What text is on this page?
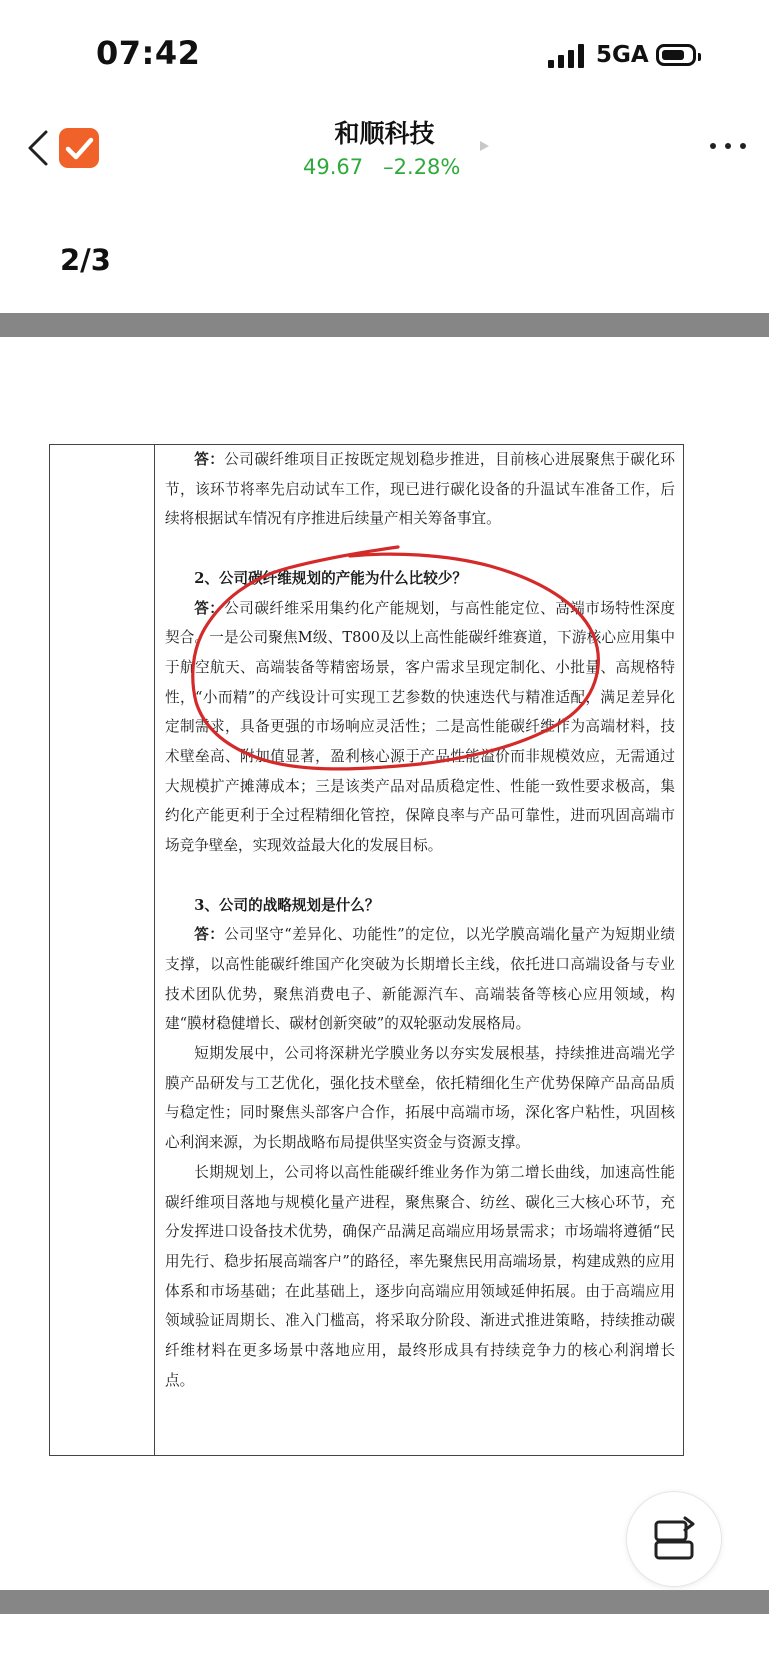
07:42	5GA
和顺科技
49.67 –2.28%
2/3

答：公司碳纤维项目正按既定规划稳步推进，目前核心进展聚焦于碳化环节，该环节将率先启动试车工作，现已进行碳化设备的升温试车准备工作，后续将根据试车情况有序推进后续量产相关筹备事宜。

2、公司碳纤维规划的产能为什么比较少？

答：公司碳纤维采用集约化产能规划，与高性能定位、高端市场特性深度契合。一是公司聚焦M级、T800及以上高性能碳纤维赛道，下游核心应用集中于航空航天、高端装备等精密场景，客户需求呈现定制化、小批量、高规格特性，“小而精”的产线设计可实现工艺参数的快速迭代与精准适配，满足差异化定制需求，具备更强的市场响应灵活性；二是高性能碳纤维作为高端材料，技术壁垒高、附加值显著，盈利核心源于产品性能溢价而非规模效应，无需通过大规模扩产摊薄成本；三是该类产品对品质稳定性、性能一致性要求极高，集约化产能更利于全过程精细化管控，保障良率与产品可靠性，进而巩固高端市场竞争壁垒，实现效益最大化的发展目标。

3、公司的战略规划是什么？

答：公司坚守“差异化、功能性”的定位，以光学膜高端化量产为短期业绩支撑，以高性能碳纤维国产化突破为长期增长主线，依托进口高端设备与专业技术团队优势，聚焦消费电子、新能源汽车、高端装备等核心应用领域，构建“膜材稳健增长、碳材创新突破”的双轮驱动发展格局。

短期发展中，公司将深耕光学膜业务以夯实发展根基，持续推进高端光学膜产品研发与工艺优化，强化技术壁垒，依托精细化生产优势保障产品高品质与稳定性；同时聚焦头部客户合作，拓展中高端市场，深化客户粘性，巩固核心利润来源，为长期战略布局提供坚实资金与资源支撑。

长期规划上，公司将以高性能碳纤维业务作为第二增长曲线，加速高性能碳纤维项目落地与规模化量产进程，聚焦聚合、纺丝、碳化三大核心环节，充分发挥进口设备技术优势，确保产品满足高端应用场景需求；市场端将遵循“民用先行、稳步拓展高端客户”的路径，率先聚焦民用高端场景，构建成熟的应用体系和市场基础；在此基础上，逐步向高端应用领域延伸拓展。由于高端应用领域验证周期长、准入门槛高，将采取分阶段、渐进式推进策略，持续推动碳纤维材料在更多场景中落地应用，最终形成具有持续竞争力的核心利润增长点。
